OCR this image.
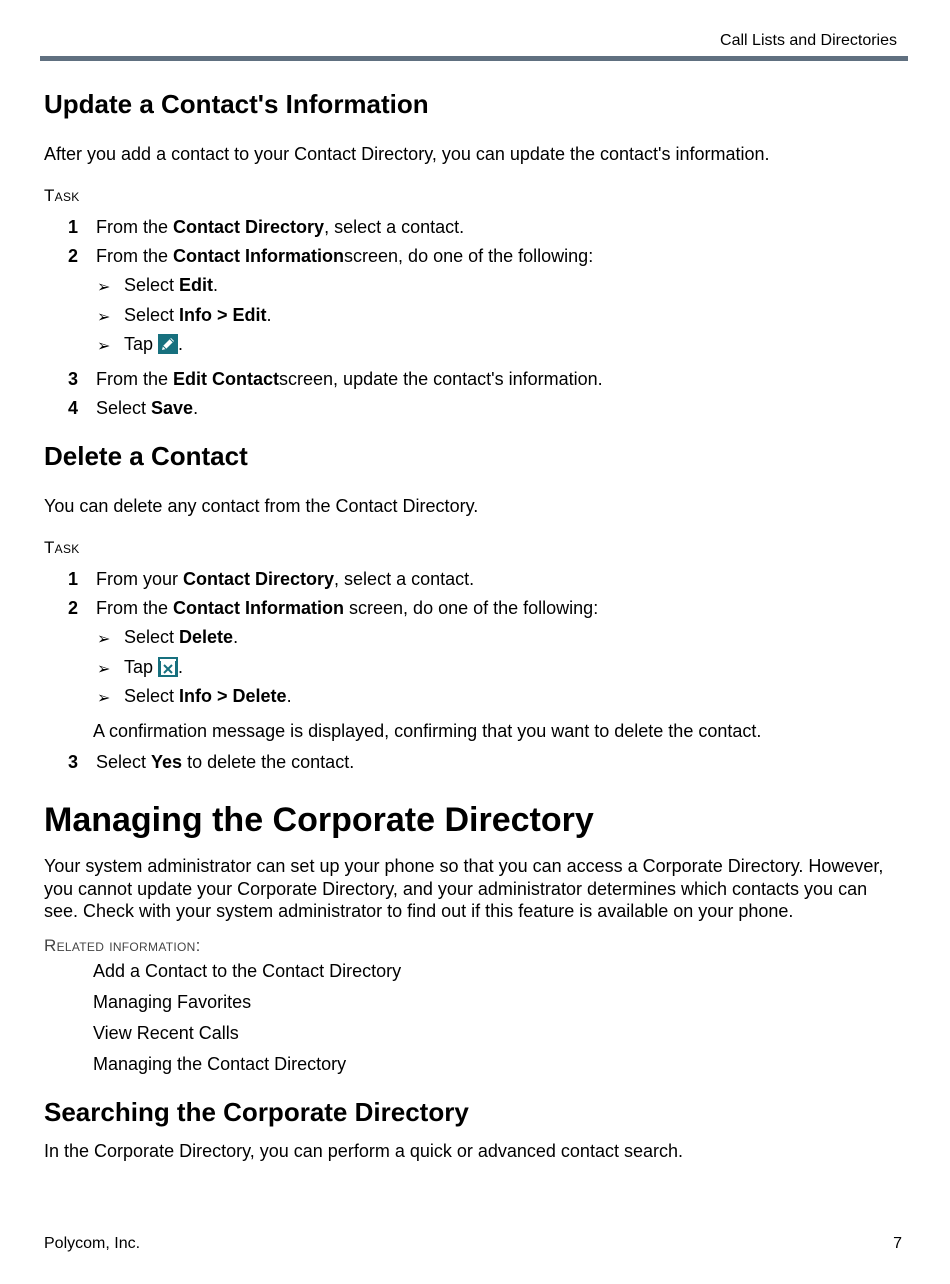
Call Lists and Directories
Update a Contact's Information
After you add a contact to your Contact Directory, you can update the contact's information.
Task
1 From the Contact Directory, select a contact.
2 From the Contact Informationscreen, do one of the following:
➢ Select Edit.
➢ Select Info > Edit.
➢ Tap .
3 From the Edit Contactscreen, update the contact's information.
4 Select Save.
Delete a Contact
You can delete any contact from the Contact Directory.
Task
1 From your Contact Directory, select a contact.
2 From the Contact Information screen, do one of the following:
➢ Select Delete.
➢ Tap .
➢ Select Info > Delete.
A confirmation message is displayed, confirming that you want to delete the contact.
3 Select Yes to delete the contact.
Managing the Corporate Directory
Your system administrator can set up your phone so that you can access a Corporate Directory. However, you cannot update your Corporate Directory, and your administrator determines which contacts you can see. Check with your system administrator to find out if this feature is available on your phone.
Related information:
Add a Contact to the Contact Directory
Managing Favorites
View Recent Calls
Managing the Contact Directory
Searching the Corporate Directory
In the Corporate Directory, you can perform a quick or advanced contact search.
Polycom, Inc.	7
